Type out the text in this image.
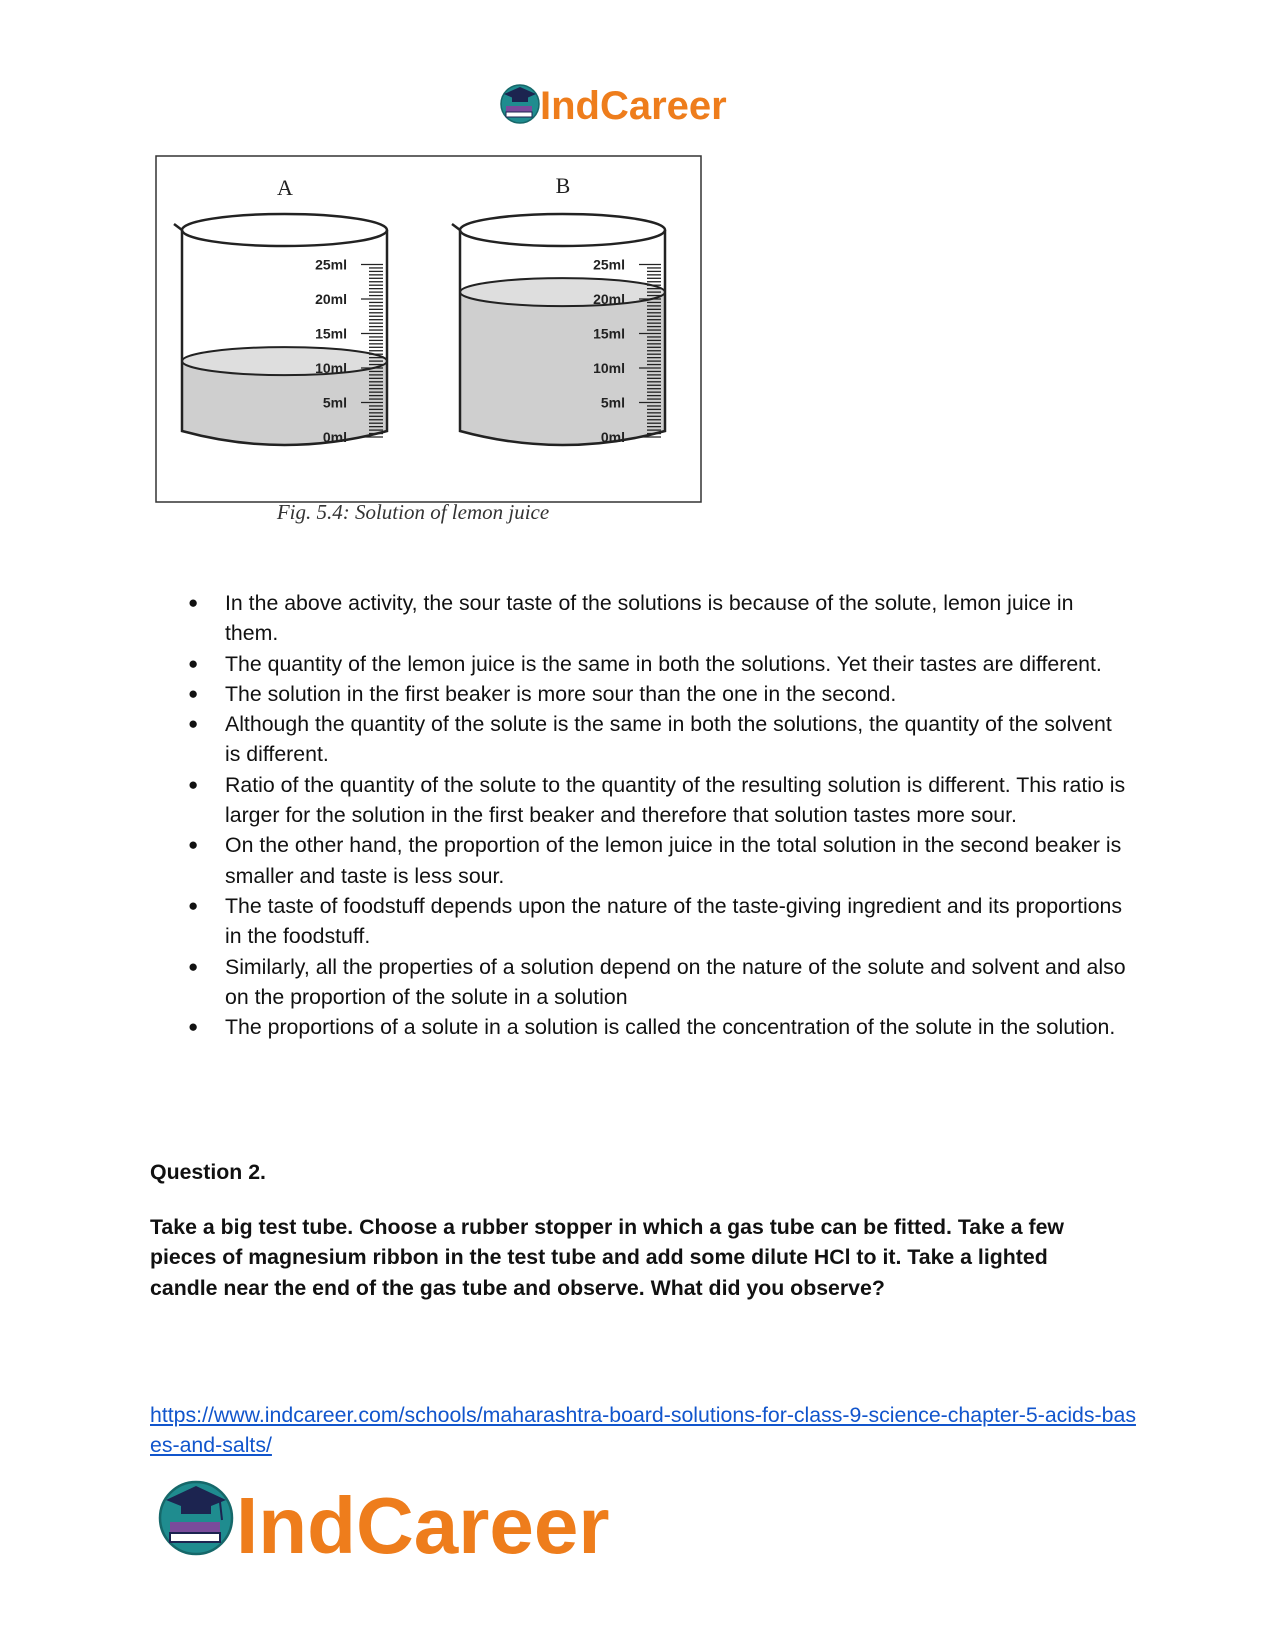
IndCareer
A	B
25ml
20ml
15ml
10ml
5ml
0ml
25ml
20ml
15ml
10ml
5ml
0ml
Fig. 5.4: Solution of lemon juice
● In the above activity, the sour taste of the solutions is because of the solute, lemon juice in them.
● The quantity of the lemon juice is the same in both the solutions. Yet their tastes are different.
● The solution in the first beaker is more sour than the one in the second.
● Although the quantity of the solute is the same in both the solutions, the quantity of the solvent is different.
● Ratio of the quantity of the solute to the quantity of the resulting solution is different. This ratio is larger for the solution in the first beaker and therefore that solution tastes more sour.
● On the other hand, the proportion of the lemon juice in the total solution in the second beaker is smaller and taste is less sour.
● The taste of foodstuff depends upon the nature of the taste-giving ingredient and its proportions in the foodstuff.
● Similarly, all the properties of a solution depend on the nature of the solute and solvent and also on the proportion of the solute in a solution
● The proportions of a solute in a solution is called the concentration of the solute in the solution.
Question 2.
Take a big test tube. Choose a rubber stopper in which a gas tube can be fitted. Take a few pieces of magnesium ribbon in the test tube and add some dilute HCl to it. Take a lighted candle near the end of the gas tube and observe. What did you observe?
https://www.indcareer.com/schools/maharashtra-board-solutions-for-class-9-science-chapter-5-acids-bases-and-salts/
IndCareer
